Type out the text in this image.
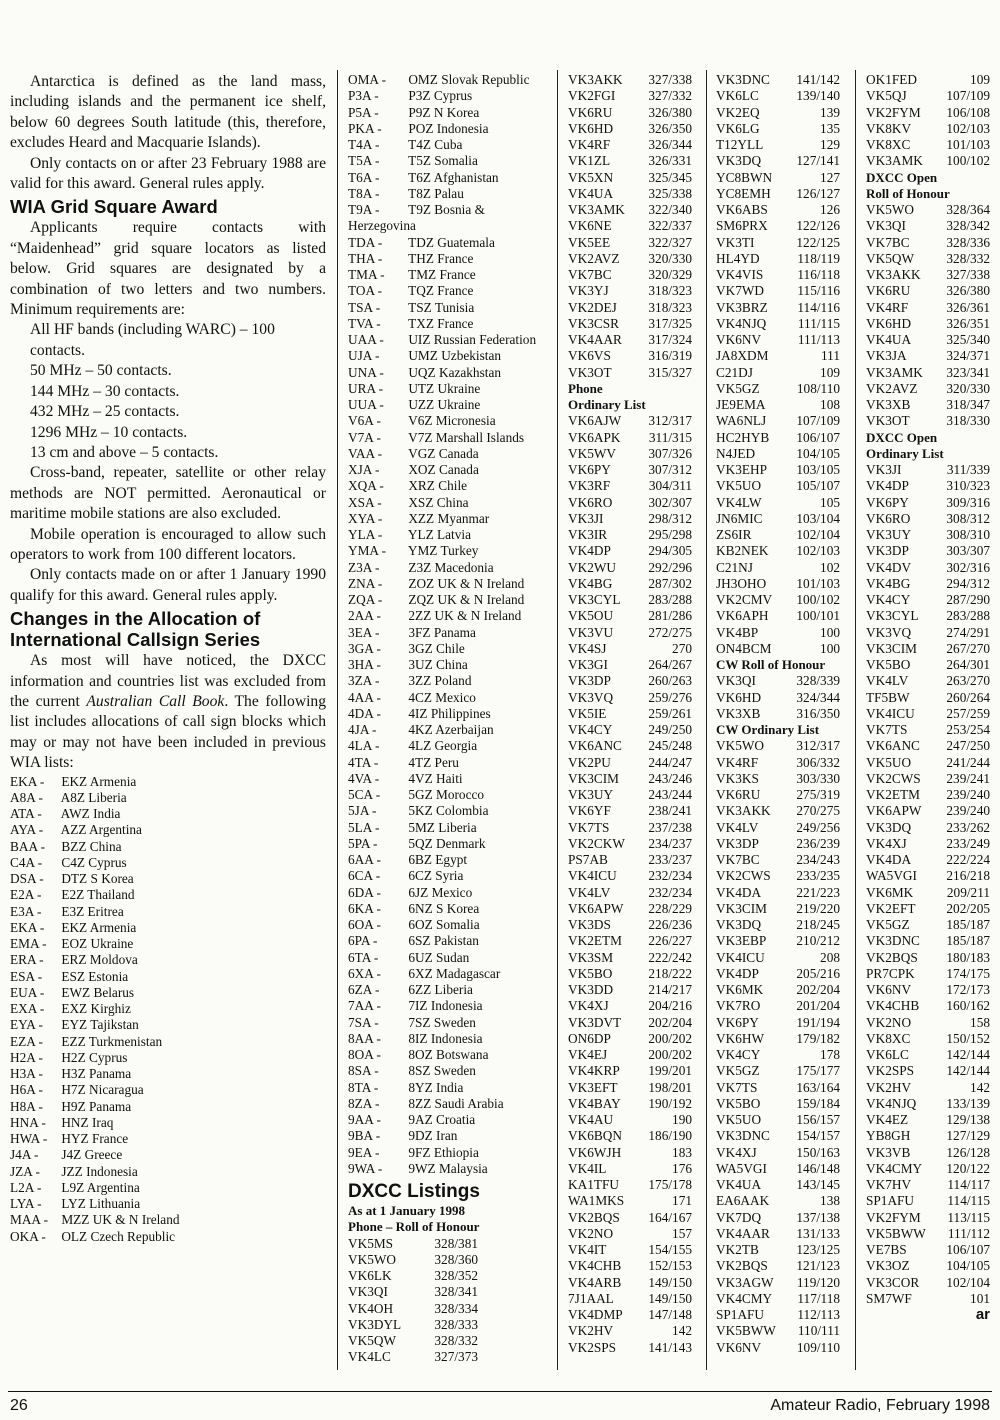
Antarctica is defined as the land mass, including islands and the permanent ice shelf, below 60 degrees South latitude (this, therefore, excludes Heard and Macquarie Islands).

Only contacts on or after 23 February 1988 are valid for this award. General rules apply.

WIA Grid Square Award

Applicants require contacts with “Maidenhead” grid square locators as listed below. Grid squares are designated by a combination of two letters and two numbers. Minimum requirements are:

All HF bands (including WARC) – 100 contacts.

50 MHz – 50 contacts.

144 MHz – 30 contacts.

432 MHz – 25 contacts.

1296 MHz – 10 contacts.

13 cm and above – 5 contacts.

Cross-band, repeater, satellite or other relay methods are NOT permitted. Aeronautical or maritime mobile stations are also excluded.

Mobile operation is encouraged to allow such operators to work from 100 different locators.

Only contacts made on or after 1 January 1990 qualify for this award. General rules apply.

Changes in the Allocation of International Callsign Series

As most will have noticed, the DXCC information and countries list was excluded from the current Australian Call Book. The following list includes allocations of call sign blocks which may or may not have been included in previous WIA lists:

EKA - EKZ Armenia
A8A - A8Z Liberia
ATA - AWZ India
AYA - AZZ Argentina
BAA - BZZ China
C4A - C4Z Cyprus
DSA - DTZ S Korea
E2A - E2Z Thailand
E3A - E3Z Eritrea
EKA - EKZ Armenia
EMA - EOZ Ukraine
ERA - ERZ Moldova
ESA - ESZ Estonia
EUA - EWZ Belarus
EXA - EXZ Kirghiz
EYA - EYZ Tajikstan
EZA - EZZ Turkmenistan
H2A - H2Z Cyprus
H3A - H3Z Panama
H6A - H7Z Nicaragua
H8A - H9Z Panama
HNA - HNZ Iraq
HWA - HYZ France
J4A - J4Z Greece
JZA - JZZ Indonesia
L2A - L9Z Argentina
LYA - LYZ Lithuania
MAA - MZZ UK & N Ireland
OKA - OLZ Czech Republic
OMA - OMZ Slovak Republic
P3A - P3Z Cyprus
P5A - P9Z N Korea
PKA - POZ Indonesia
T4A - T4Z Cuba
T5A - T5Z Somalia
T6A - T6Z Afghanistan
T8A - T8Z Palau
T9A - T9Z Bosnia & Herzegovina
TDA - TDZ Guatemala
THA - THZ France
TMA - TMZ France
TOA - TQZ France
TSA - TSZ Tunisia
TVA - TXZ France
UAA - UIZ Russian Federation
UJA - UMZ Uzbekistan
UNA - UQZ Kazakhstan
URA - UTZ Ukraine
UUA - UZZ Ukraine
V6A - V6Z Micronesia
V7A - V7Z Marshall Islands
VAA - VGZ Canada
XJA - XOZ Canada
XQA - XRZ Chile
XSA - XSZ China
XYA - XZZ Myanmar
YLA - YLZ Latvia
YMA - YMZ Turkey
Z3A - Z3Z Macedonia
ZNA - ZOZ UK & N Ireland
ZQA - ZQZ UK & N Ireland
2AA - 2ZZ UK & N Ireland
3EA - 3FZ Panama
3GA - 3GZ Chile
3HA - 3UZ China
3ZA - 3ZZ Poland
4AA - 4CZ Mexico
4DA - 4IZ Philippines
4JA - 4KZ Azerbaijan
4LA - 4LZ Georgia
4TA - 4TZ Peru
4VA - 4VZ Haiti
5CA - 5GZ Morocco
5JA - 5KZ Colombia
5LA - 5MZ Liberia
5PA - 5QZ Denmark
6AA - 6BZ Egypt
6CA - 6CZ Syria
6DA - 6JZ Mexico
6KA - 6NZ S Korea
6OA - 6OZ Somalia
6PA - 6SZ Pakistan
6TA - 6UZ Sudan
6XA - 6XZ Madagascar
6ZA - 6ZZ Liberia
7AA - 7IZ Indonesia
7SA - 7SZ Sweden
8AA - 8IZ Indonesia
8OA - 8OZ Botswana
8SA - 8SZ Sweden
8TA - 8YZ India
8ZA - 8ZZ Saudi Arabia
9AA - 9AZ Croatia
9BA - 9DZ Iran
9EA - 9FZ Ethiopia
9WA - 9WZ Malaysia
DXCC Listings
As at 1 January 1998
Phone – Roll of Honour
VK5MS	328/381
VK5WO	328/360
VK6LK	328/352
VK3QI	328/341
VK4OH	328/334
VK3DYL 328/333
VK5QW	328/332
VK4LC	327/373
VK3AKK 327/338
VK2FGI 327/332
VK6RU	326/380
VK6HD	326/350
VK4RF	326/344
VK1ZL	326/331
VK5XN	325/345
VK4UA	325/338
VK3AMK 322/340
VK6NE	322/337
VK5EE	322/327
VK2AVZ 320/330
VK7BC	320/329
VK3YJ	318/323
VK2DEJ 318/323
VK3CSR 317/325
VK4AAR 317/324
VK6VS	316/319
VK3OT	315/327
Phone
Ordinary List
VK6AJW 312/317
VK6APK 311/315
VK5WV 307/326
VK6PY	307/312
VK3RF	304/311
VK6RO	302/307
VK3JI	298/312
VK3IR	295/298
VK4DP	294/305
VK2WU 292/296
VK4BG	287/302
VK3CYL 283/288
VK5OU	281/286
VK3VU	272/275
VK4SJ	270
VK3GI	264/267
VK3DP	260/263
VK3VQ	259/276
VK5IE	259/261
VK4CY	249/250
VK6ANC 245/248
VK2PU	244/247
VK3CIM 243/246
VK3UY	243/244
VK6YF	238/241
VK7TS	237/238
VK2CKW 234/237
PS7AB	233/237
VK4ICU 232/234
VK4LV	232/234
VK6APW 228/229
VK3DS	226/236
VK2ETM 226/227
VK3SM	222/242
VK5BO	218/222
VK3DD	214/217
VK4XJ	204/216
VK3DVT 202/204
ON6DP	200/202
VK4EJ	200/202
VK4KRP 199/201
VK3EFT 198/201
VK4BAY 190/192
VK4AU	190
VK6BQN 186/190
VK6WJH	183
VK4IL	176
KA1TFU 175/178
WA1MKS	171
VK2BQS 164/167
VK2NO	157
VK4IT	154/155
VK4CHB 152/153
VK4ARB 149/150
7J1AAL	149/150
VK4DMP 147/148
VK2HV	142
VK2SPS 141/143
VK3DNC 141/142
VK6LC	139/140
VK2EQ	139
VK6LG	135
T12YLL	129
VK3DQ	127/141
YC8BWN	127
YC8EMH 126/127
VK6ABS	126
SM6PRX 122/126
VK3TI	122/125
HL4YD	118/119
VK4VIS	116/118
VK7WD	115/116
VK3BRZ 114/116
VK4NJQ 111/115
VK6NV	111/113
JA8XDM	111
C21DJ	109
VK5GZ	108/110
JE9EMA	108
WA6NLJ 107/109
HC2HYB 106/107
N4JED	104/105
VK3EHP 103/105
VK5UO	105/107
VK4LW	105
JN6MIC	103/104
ZS6IR	102/104
KB2NEK 102/103
C21NJ	102
JH3OHO 101/103
VK2CMV 100/102
VK6APH 100/101
VK4BP	100
ON4BCM	100
CW Roll of Honour
VK3QI	328/339
VK6HD	324/344
VK3XB	316/350
CW Ordinary List
VK5WO 312/317
VK4RF	306/332
VK3KS	303/330
VK6RU	275/319
VK3AKK 270/275
VK4LV	249/256
VK3DP	236/239
VK7BC	234/243
VK2CWS 233/235
VK4DA	221/223
VK3CIM 219/220
VK3DQ	218/245
VK3EBP 210/212
VK4ICU	208
VK4DP	205/216
VK6MK 202/204
VK7RO	201/204
VK6PY	191/194
VK6HW 179/182
VK4CY	178
VK5GZ	175/177
VK7TS	163/164
VK5BO	159/184
VK5UO	156/157
VK3DNC 154/157
VK4XJ	150/163
WA5VGI 146/148
VK4UA	143/145
EA6AAK	138
VK7DQ	137/138
VK4AAR 131/133
VK2TB	123/125
VK2BQS 121/123
VK3AGW 119/120
VK4CMY 117/118
SP1AFU	112/113
VK5BWW 110/111
VK6NV	109/110
OK1FED	109
VK5QJ	107/109
VK2FYM 106/108
VK8KV	102/103
VK8XC	101/103
VK3AMK 100/102
DXCC Open
Roll of Honour
VK5WO 328/364
VK3QI	328/342
VK7BC	328/336
VK5QW 328/332
VK3AKK 327/338
VK6RU	326/380
VK4RF	326/361
VK6HD	326/351
VK4UA	325/340
VK3JA	324/371
VK3AMK 323/341
VK2AVZ 320/330
VK3XB	318/347
VK3OT	318/330
DXCC Open
Ordinary List
VK3JI	311/339
VK4DP	310/323
VK6PY	309/316
VK6RO	308/312
VK3UY	308/310
VK3DP	303/307
VK4DV	302/316
VK4BG	294/312
VK4CY	287/290
VK3CYL 283/288
VK3VQ	274/291
VK3CIM 267/270
VK5BO	264/301
VK4LV	263/270
TF5BW	260/264
VK4ICU 257/259
VK7TS	253/254
VK6ANC 247/250
VK5UO	241/244
VK2CWS 239/241
VK2ETM 239/240
VK6APW 239/240
VK3DQ	233/262
VK4XJ	233/249
VK4DA	222/224
WA5VGI 216/218
VK6MK	209/211
VK2EFT 202/205
VK5GZ	185/187
VK3DNC 185/187
VK2BQS 180/183
PR7CPK 174/175
VK6NV	172/173
VK4CHB 160/162
VK2NO	158
VK8XC	150/152
VK6LC	142/144
VK2SPS 142/144
VK2HV	142
VK4NJQ 133/139
VK4EZ	129/138
YB8GH	127/129
VK3VB	126/128
VK4CMY 120/122
VK7HV	114/117
SP1AFU	114/115
VK2FYM 113/115
VK5BWW 111/112
VE7BS	106/107
VK3OZ	104/105
VK3COR 102/104
SM7WF	101
ar
26	Amateur Radio, February 1998
